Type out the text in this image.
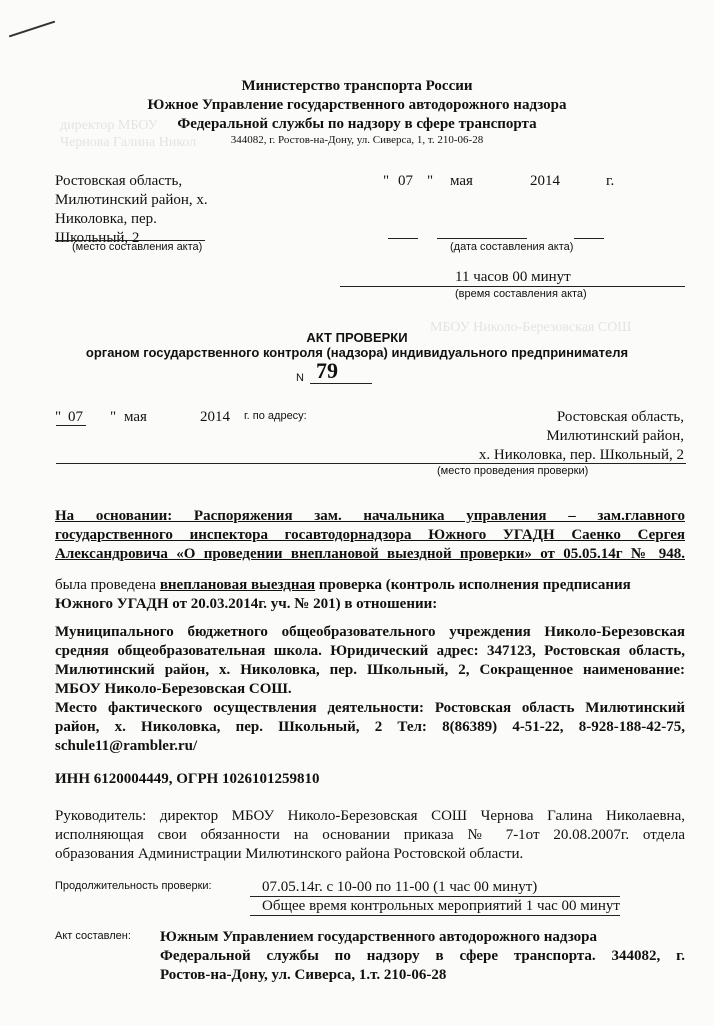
директор МБОУ
Чернова Галина Никол
МБОУ Николо-Березовская СОШ
Министерство транспорта России
Южное Управление государственного автодорожного надзора
Федеральной службы по надзору в сфере транспорта
344082, г. Ростов-на-Дону, ул. Сиверса, 1, т. 210-06-28
Ростовская область,
Милютинский район, х.
Николовка, пер.
Школьный, 2
(место составления акта)
" 07 " мая	2014	г.
(дата составления акта)
11 часов 00 минут
(время составления акта)
АКТ ПРОВЕРКИ
органом государственного контроля (надзора) индивидуального предпринимателя
N 79
" 07 " мая	2014 г. по адресу:	Ростовская область,
Милютинский район,
х. Николовка, пер. Школьный, 2
(место проведения проверки)
На основании: Распоряжения зам. начальника управления – зам.главного
государственного инспектора госавтодорнадзора Южного УГАДН Саенко Сергея
Александровича «О проведении внеплановой выездной проверки» от 05.05.14г № 948.
была проведена внеплановая выездная проверка (контроль исполнения предписания
Южного УГАДН от 20.03.2014г. уч. № 201) в отношении:
Муниципального бюджетного общеобразовательного учреждения Николо-Березовская
средняя общеобразовательная школа. Юридический адрес: 347123, Ростовская область,
Милютинский район, х. Николовка, пер. Школьный, 2, Сокращенное наименование:
МБОУ Николо-Березовская СОШ.
Место фактического осуществления деятельности: Ростовская область Милютинский
район, х. Николовка, пер. Школьный, 2 Тел: 8(86389) 4-51-22, 8-928-188-42-75,
schule11@rambler.ru/
ИНН 6120004449, ОГРН 1026101259810
Руководитель: директор МБОУ Николо-Березовская СОШ Чернова Галина Николаевна,
исполняющая свои обязанности на основании приказа № 7-1от 20.08.2007г. отдела
образования Администрации Милютинского района Ростовской области.
Продолжительность проверки:	07.05.14г. с 10-00 по 11-00 (1 час 00 минут)
Общее время контрольных мероприятий 1 час 00 минут
Акт составлен: Южным Управлением государственного автодорожного надзора
Федеральной службы по надзору в сфере транспорта. 344082, г.
Ростов-на-Дону, ул. Сиверса, 1.т. 210-06-28
